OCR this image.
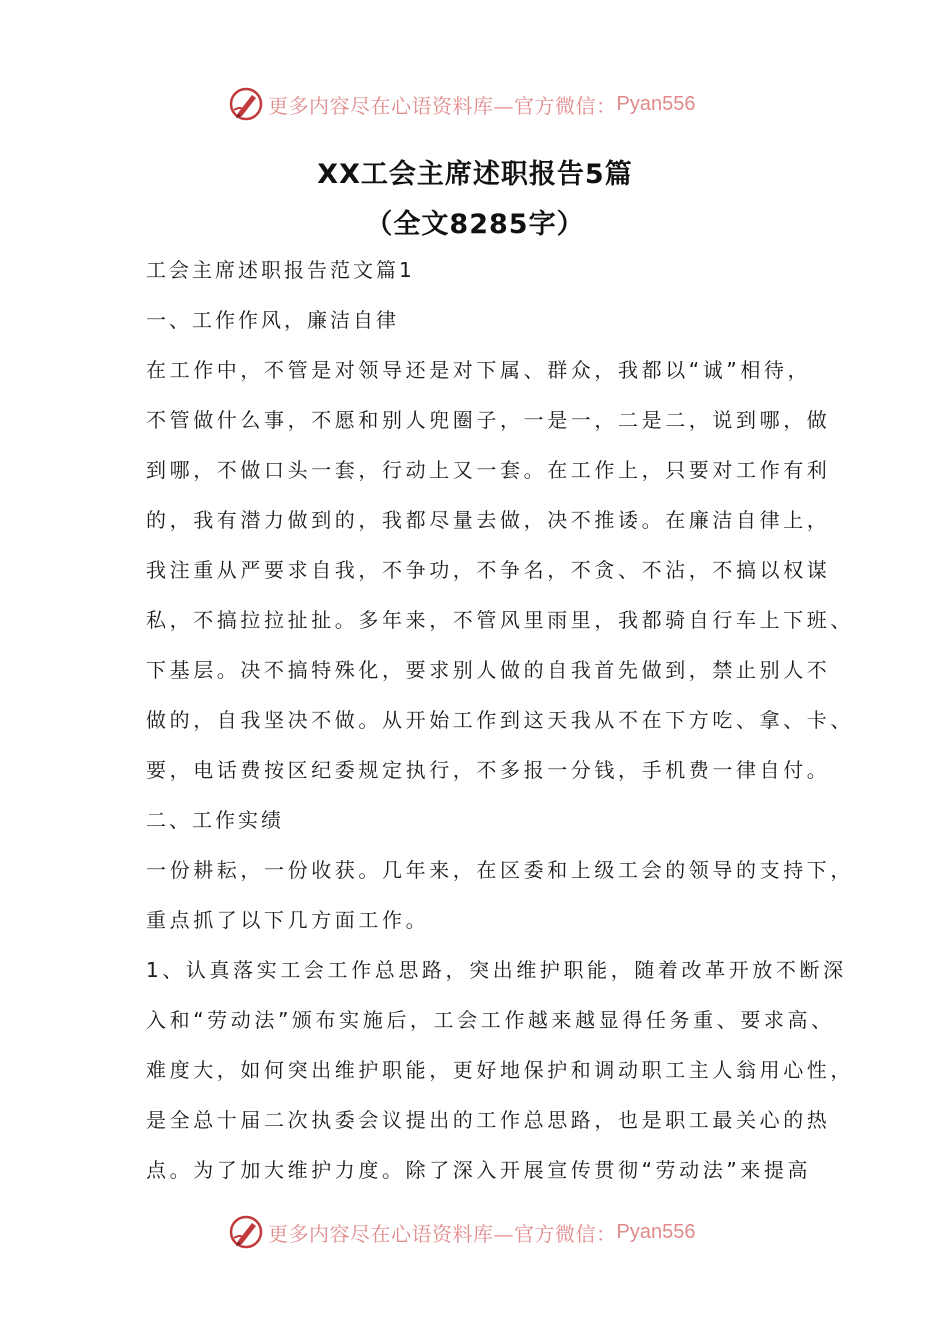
更多内容尽在心语资料库—官方微信： Pyan556
XX工会主席述职报告5篇
（全文8285字）
工会主席述职报告范文篇1
一、工作作风，廉洁自律
在工作中，不管是对领导还是对下属、群众，我都以“诚”相待，
不管做什么事，不愿和别人兜圈子，一是一，二是二，说到哪，做
到哪，不做口头一套，行动上又一套。在工作上，只要对工作有利
的，我有潜力做到的，我都尽量去做，决不推诿。在廉洁自律上，
我注重从严要求自我，不争功，不争名，不贪、不沾，不搞以权谋
私，不搞拉拉扯扯。多年来，不管风里雨里，我都骑自行车上下班、
下基层。决不搞特殊化，要求别人做的自我首先做到，禁止别人不
做的，自我坚决不做。从开始工作到这天我从不在下方吃、拿、卡、
要，电话费按区纪委规定执行，不多报一分钱，手机费一律自付。
二、工作实绩
一份耕耘，一份收获。几年来，在区委和上级工会的领导的支持下，
重点抓了以下几方面工作。
1、认真落实工会工作总思路，突出维护职能，随着改革开放不断深
入和“劳动法”颁布实施后，工会工作越来越显得任务重、要求高、
难度大，如何突出维护职能，更好地保护和调动职工主人翁用心性，
是全总十届二次执委会议提出的工作总思路，也是职工最关心的热
点。为了加大维护力度。除了深入开展宣传贯彻“劳动法”来提高
更多内容尽在心语资料库—官方微信： Pyan556
